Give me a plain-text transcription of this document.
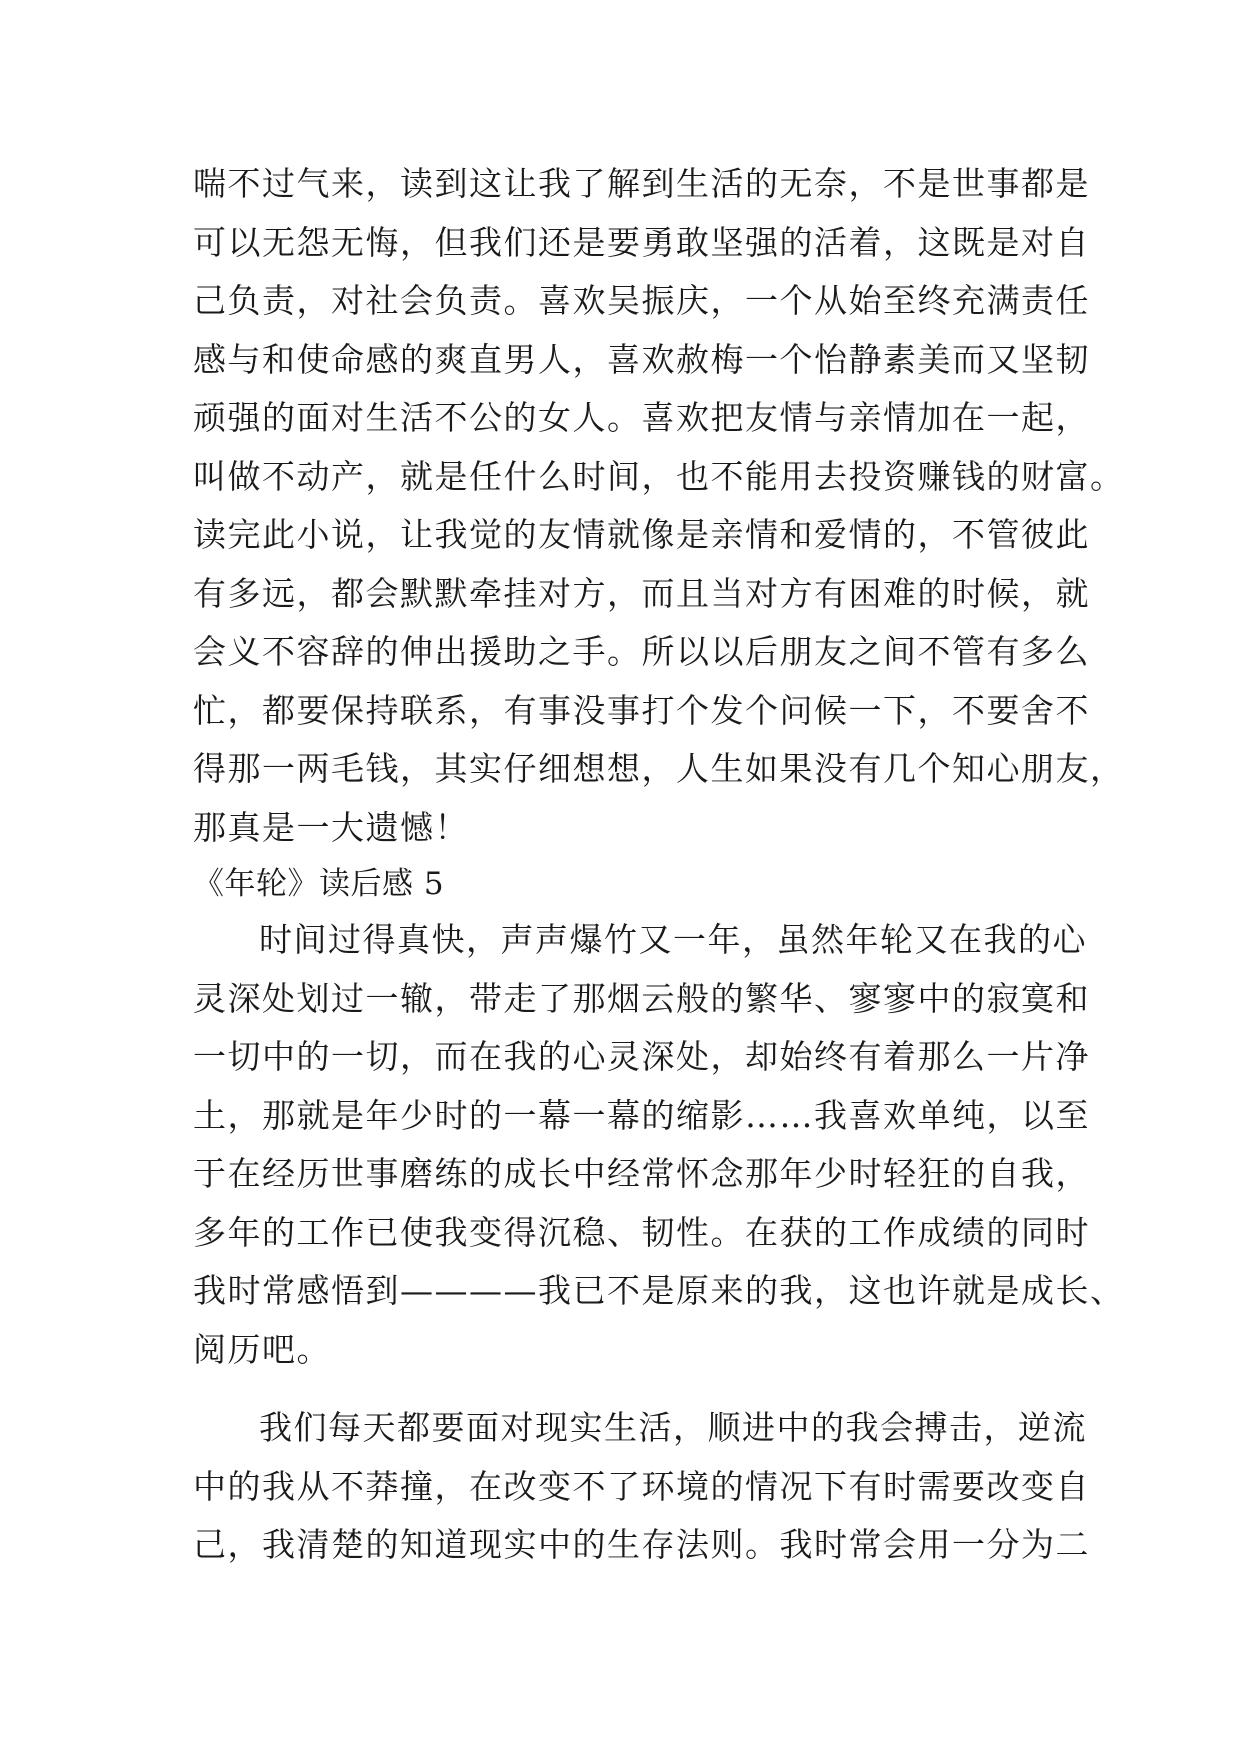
喘不过气来，读到这让我了解到生活的无奈，不是世事都是
可以无怨无悔，但我们还是要勇敢坚强的活着，这既是对自
己负责，对社会负责。喜欢吴振庆，一个从始至终充满责任
感与和使命感的爽直男人，喜欢赦梅一个怡静素美而又坚韧
顽强的面对生活不公的女人。喜欢把友情与亲情加在一起，
叫做不动产，就是任什么时间，也不能用去投资赚钱的财富。
读完此小说，让我觉的友情就像是亲情和爱情的，不管彼此
有多远，都会默默牵挂对方，而且当对方有困难的时候，就
会义不容辞的伸出援助之手。所以以后朋友之间不管有多么
忙，都要保持联系，有事没事打个发个问候一下，不要舍不
得那一两毛钱，其实仔细想想，人生如果没有几个知心朋友，
那真是一大遗憾！
《年轮》读后感 5
时间过得真快，声声爆竹又一年，虽然年轮又在我的心
灵深处划过一辙，带走了那烟云般的繁华、寥寥中的寂寞和
一切中的一切，而在我的心灵深处，却始终有着那么一片净
土，那就是年少时的一幕一幕的缩影……我喜欢单纯，以至
于在经历世事磨练的成长中经常怀念那年少时轻狂的自我，
多年的工作已使我变得沉稳、韧性。在获的工作成绩的同时
我时常感悟到————我已不是原来的我，这也许就是成长、
阅历吧。
我们每天都要面对现实生活，顺进中的我会搏击，逆流
中的我从不莽撞，在改变不了环境的情况下有时需要改变自
己，我清楚的知道现实中的生存法则。我时常会用一分为二
